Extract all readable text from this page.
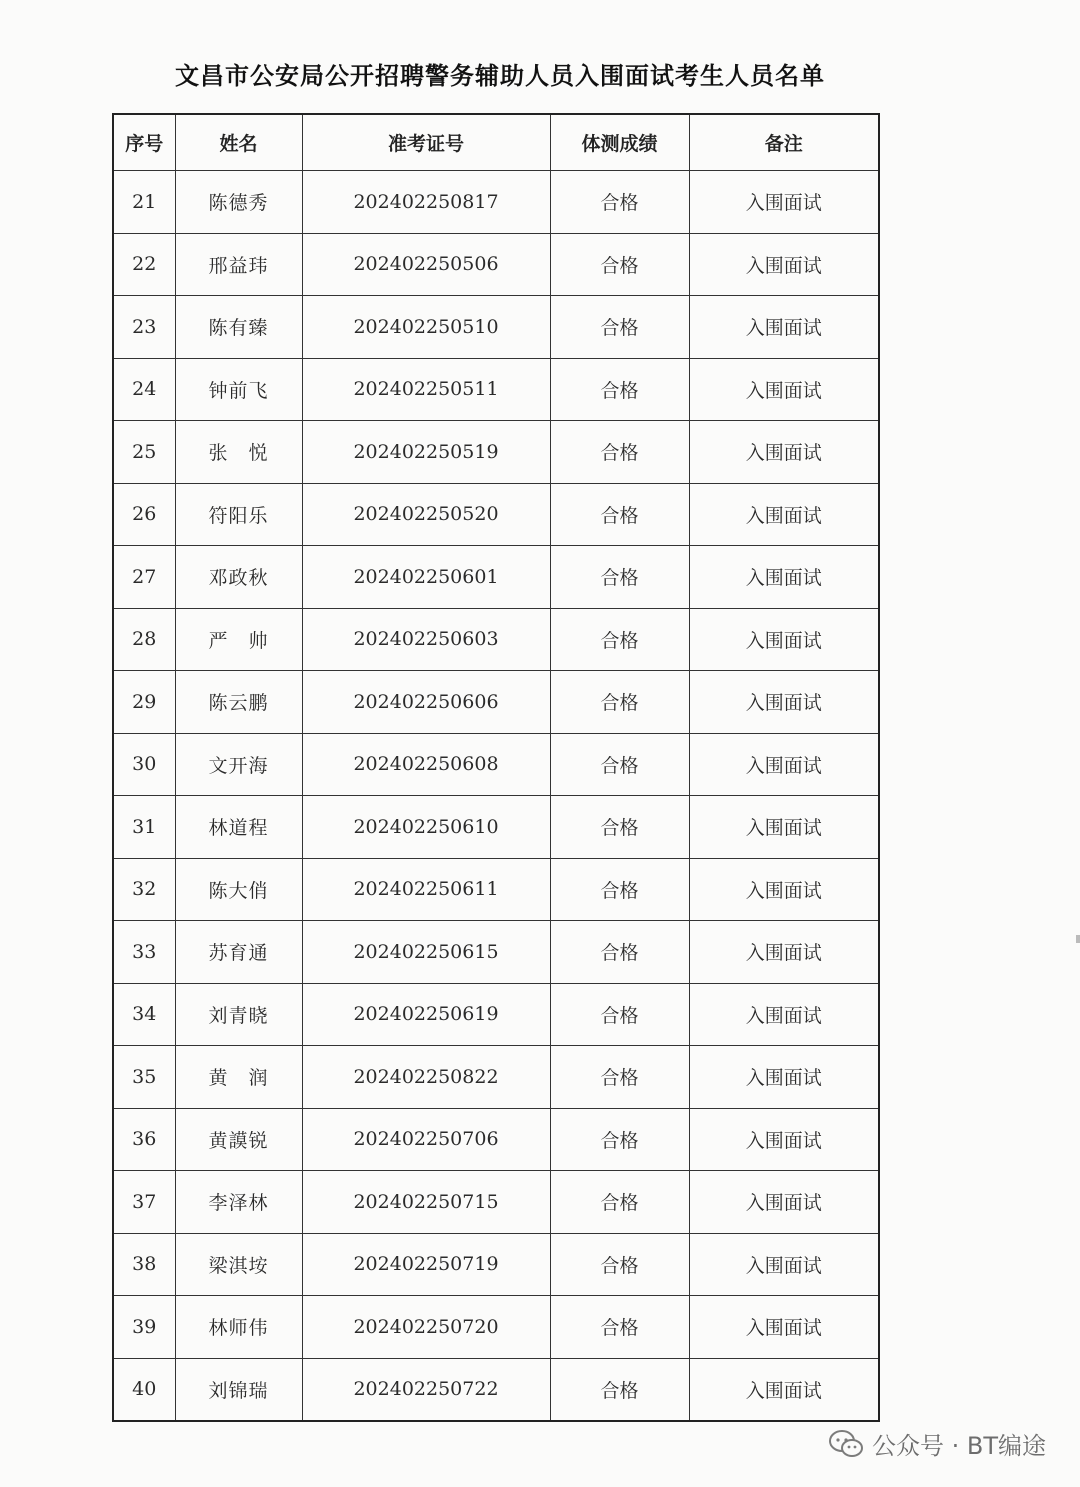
文昌市公安局公开招聘警务辅助人员入围面试考生人员名单
序号	姓名	准考证号	体测成绩	备注
21	陈德秀	202402250817	合格	入围面试
22	邢益玮	202402250506	合格	入围面试
23	陈有臻	202402250510	合格	入围面试
24	钟前飞	202402250511	合格	入围面试
25	张　悦	202402250519	合格	入围面试
26	符阳乐	202402250520	合格	入围面试
27	邓政秋	202402250601	合格	入围面试
28	严　帅	202402250603	合格	入围面试
29	陈云鹏	202402250606	合格	入围面试
30	文开海	202402250608	合格	入围面试
31	林道程	202402250610	合格	入围面试
32	陈大俏	202402250611	合格	入围面试
33	苏育通	202402250615	合格	入围面试
34	刘青晓	202402250619	合格	入围面试
35	黄　润	202402250822	合格	入围面试
36	黄謨锐	202402250706	合格	入围面试
37	李泽林	202402250715	合格	入围面试
38	梁淇垵	202402250719	合格	入围面试
39	林师伟	202402250720	合格	入围面试
40	刘锦瑞	202402250722	合格	入围面试
公众号 · BT编途
